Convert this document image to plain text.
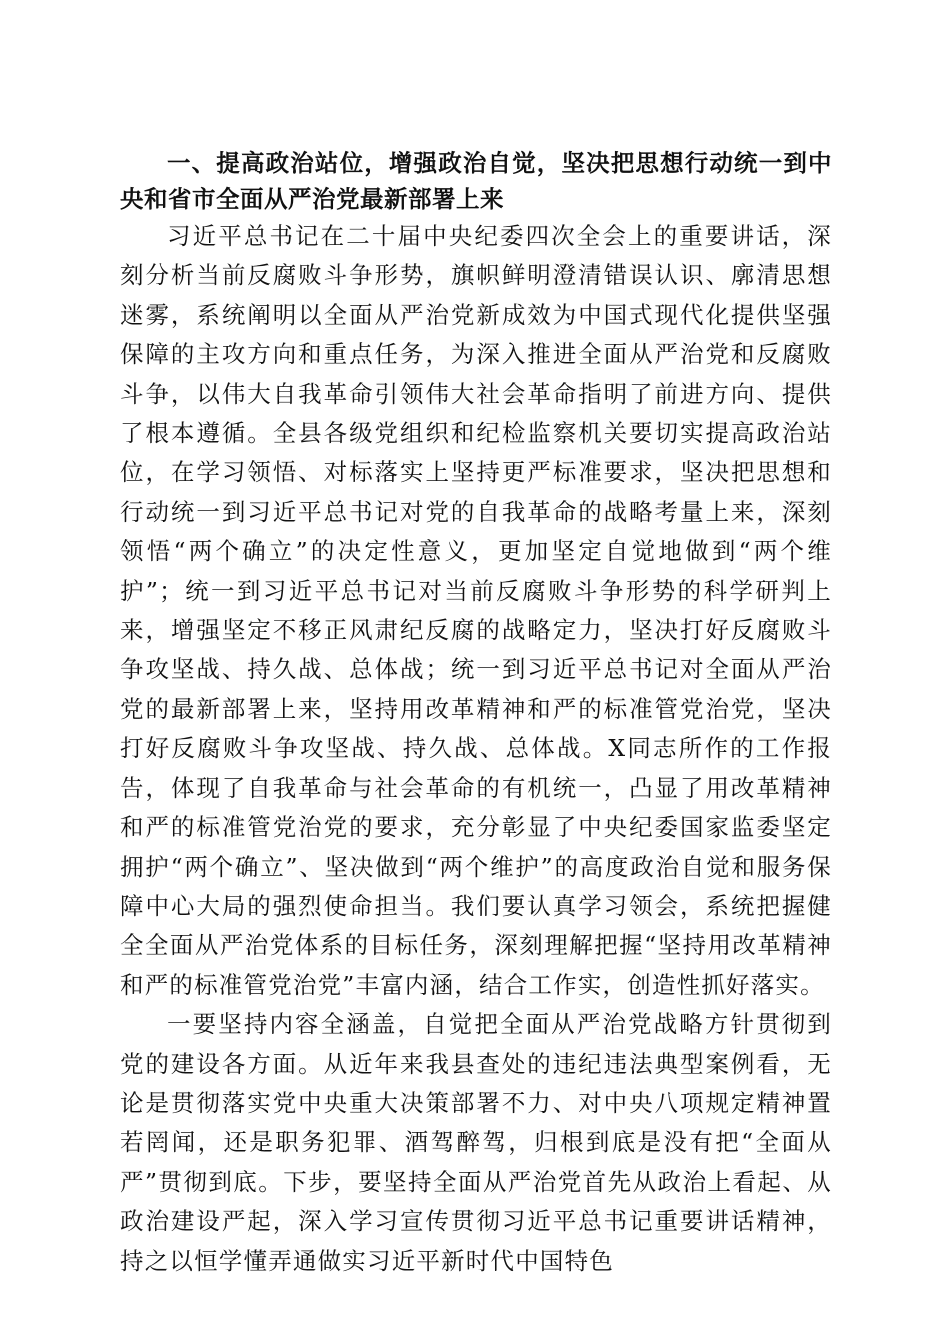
一、提高政治站位，增强政治自觉，坚决把思想行动统一到中央和省市全面从严治党最新部署上来

习近平总书记在二十届中央纪委四次全会上的重要讲话，深刻分析当前反腐败斗争形势，旗帜鲜明澄清错误认识、廓清思想迷雾，系统阐明以全面从严治党新成效为中国式现代化提供坚强保障的主攻方向和重点任务，为深入推进全面从严治党和反腐败斗争，以伟大自我革命引领伟大社会革命指明了前进方向、提供了根本遵循。全县各级党组织和纪检监察机关要切实提高政治站位，在学习领悟、对标落实上坚持更严标准要求，坚决把思想和行动统一到习近平总书记对党的自我革命的战略考量上来，深刻领悟“两个确立”的决定性意义，更加坚定自觉地做到“两个维护”；统一到习近平总书记对当前反腐败斗争形势的科学研判上来，增强坚定不移正风肃纪反腐的战略定力，坚决打好反腐败斗争攻坚战、持久战、总体战；统一到习近平总书记对全面从严治党的最新部署上来，坚持用改革精神和严的标准管党治党，坚决打好反腐败斗争攻坚战、持久战、总体战。X同志所作的工作报告，体现了自我革命与社会革命的有机统一，凸显了用改革精神和严的标准管党治党的要求，充分彰显了中央纪委国家监委坚定拥护“两个确立”、坚决做到“两个维护”的高度政治自觉和服务保障中心大局的强烈使命担当。我们要认真学习领会，系统把握健全全面从严治党体系的目标任务，深刻理解把握“坚持用改革精神和严的标准管党治党”丰富内涵，结合工作实，创造性抓好落实。

一要坚持内容全涵盖，自觉把全面从严治党战略方针贯彻到党的建设各方面。从近年来我县查处的违纪违法典型案例看，无论是贯彻落实党中央重大决策部署不力、对中央八项规定精神置若罔闻，还是职务犯罪、酒驾醉驾，归根到底是没有把“全面从严”贯彻到底。下步，要坚持全面从严治党首先从政治上看起、从政治建设严起，深入学习宣传贯彻习近平总书记重要讲话精神，持之以恒学懂弄通做实习近平新时代中国特色
